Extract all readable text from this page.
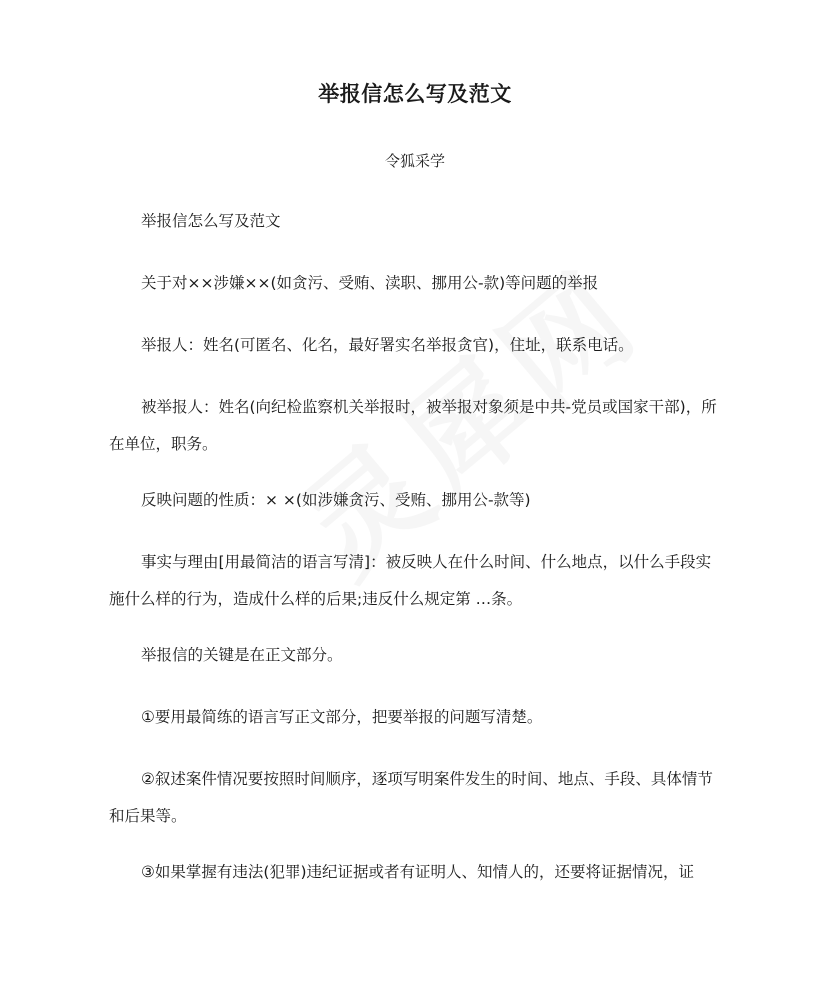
举报信怎么写及范文
令狐采学
举报信怎么写及范文
关于对××涉嫌××(如贪污、受贿、渎职、挪用公-款)等问题的举报
举报人：姓名(可匿名、化名，最好署实名举报贪官)，住址，联系电话。
被举报人：姓名(向纪检监察机关举报时，被举报对象须是中共-党员或国家干部)，所在单位，职务。
反映问题的性质：× ×(如涉嫌贪污、受贿、挪用公-款等)
事实与理由[用最简洁的语言写清]：被反映人在什么时间、什么地点，以什么手段实施什么样的行为，造成什么样的后果;违反什么规定第 …条。
举报信的关键是在正文部分。
①要用最简练的语言写正文部分，把要举报的问题写清楚。
②叙述案件情况要按照时间顺序，逐项写明案件发生的时间、地点、手段、具体情节和后果等。
③如果掌握有违法(犯罪)违纪证据或者有证明人、知情人的，还要将证据情况，证
